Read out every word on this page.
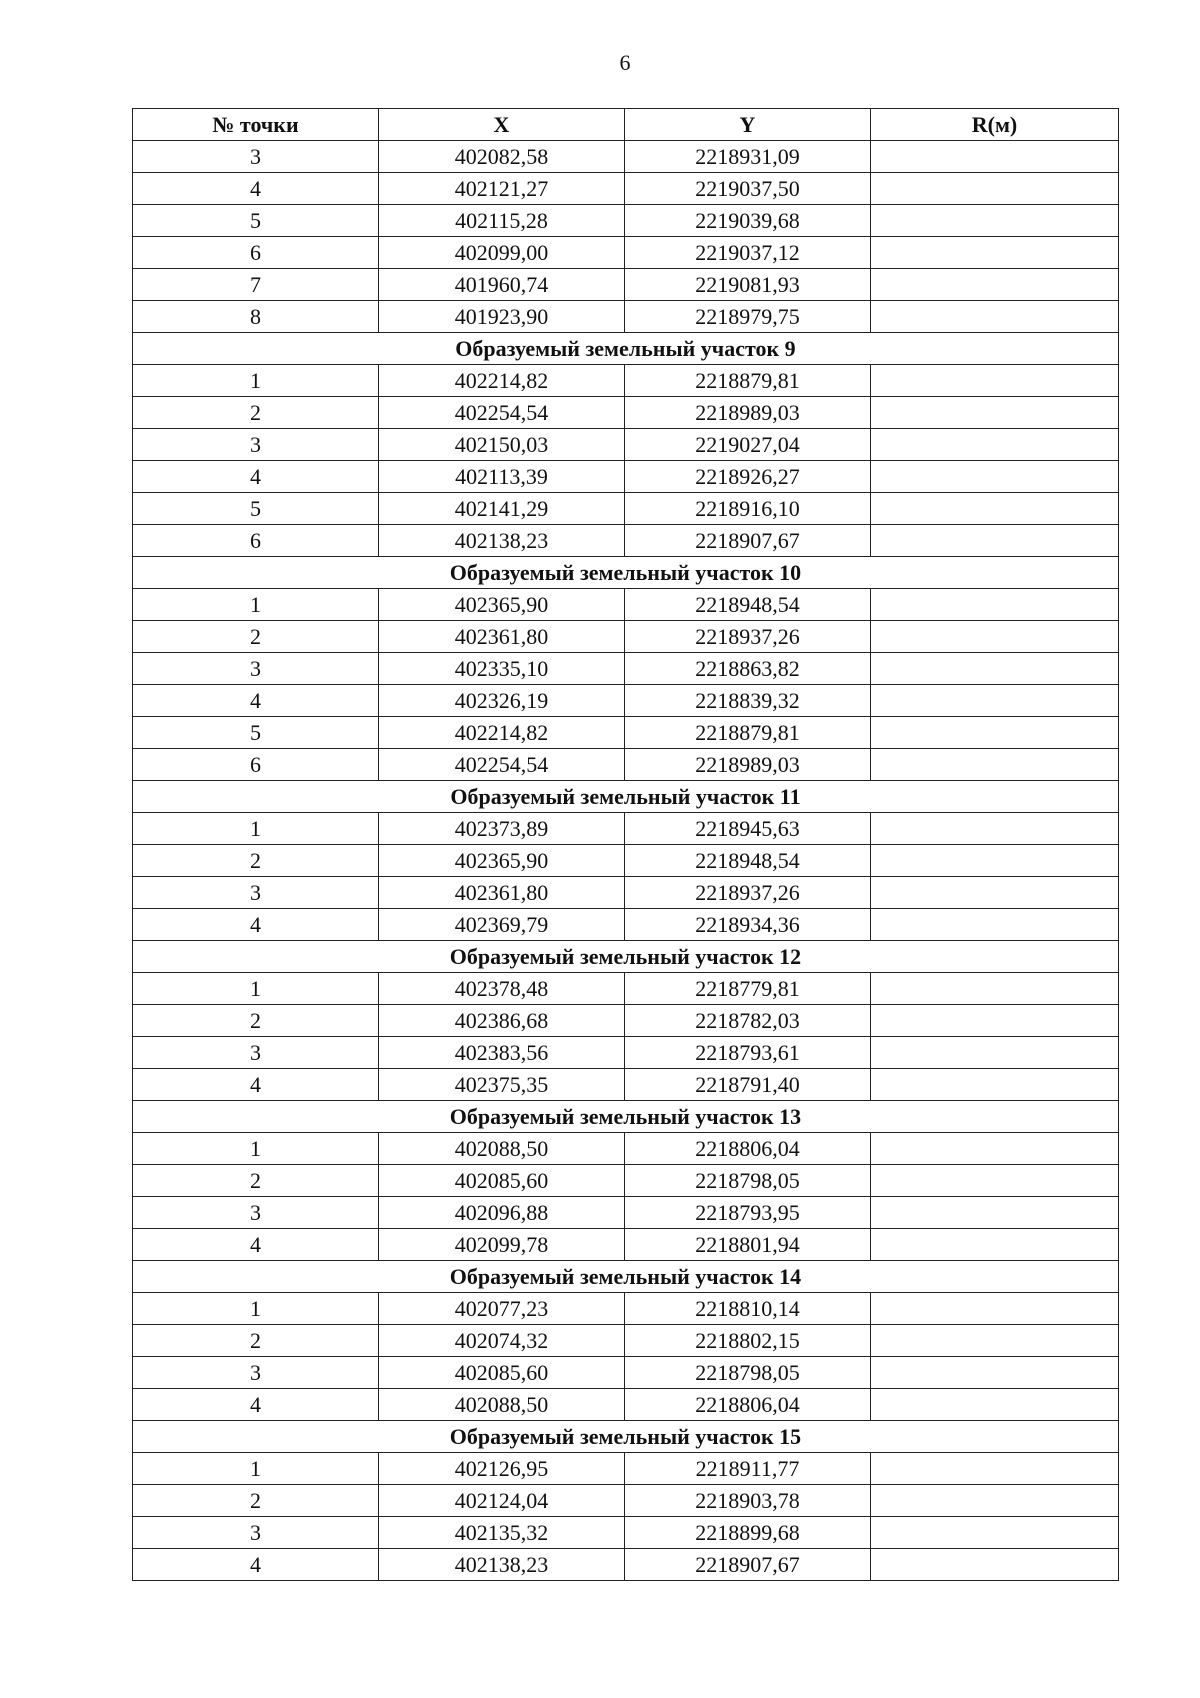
6
№ точки	X	Y	R(м)
3	402082,58	2218931,09	
4	402121,27	2219037,50	
5	402115,28	2219039,68	
6	402099,00	2219037,12	
7	401960,74	2219081,93	
8	401923,90	2218979,75	
Образуемый земельный участок 9			
1	402214,82	2218879,81	
2	402254,54	2218989,03	
3	402150,03	2219027,04	
4	402113,39	2218926,27	
5	402141,29	2218916,10	
6	402138,23	2218907,67	
Образуемый земельный участок 10			
1	402365,90	2218948,54	
2	402361,80	2218937,26	
3	402335,10	2218863,82	
4	402326,19	2218839,32	
5	402214,82	2218879,81	
6	402254,54	2218989,03	
Образуемый земельный участок 11			
1	402373,89	2218945,63	
2	402365,90	2218948,54	
3	402361,80	2218937,26	
4	402369,79	2218934,36	
Образуемый земельный участок 12			
1	402378,48	2218779,81	
2	402386,68	2218782,03	
3	402383,56	2218793,61	
4	402375,35	2218791,40	
Образуемый земельный участок 13			
1	402088,50	2218806,04	
2	402085,60	2218798,05	
3	402096,88	2218793,95	
4	402099,78	2218801,94	
Образуемый земельный участок 14			
1	402077,23	2218810,14	
2	402074,32	2218802,15	
3	402085,60	2218798,05	
4	402088,50	2218806,04	
Образуемый земельный участок 15			
1	402126,95	2218911,77	
2	402124,04	2218903,78	
3	402135,32	2218899,68	
4	402138,23	2218907,67	
